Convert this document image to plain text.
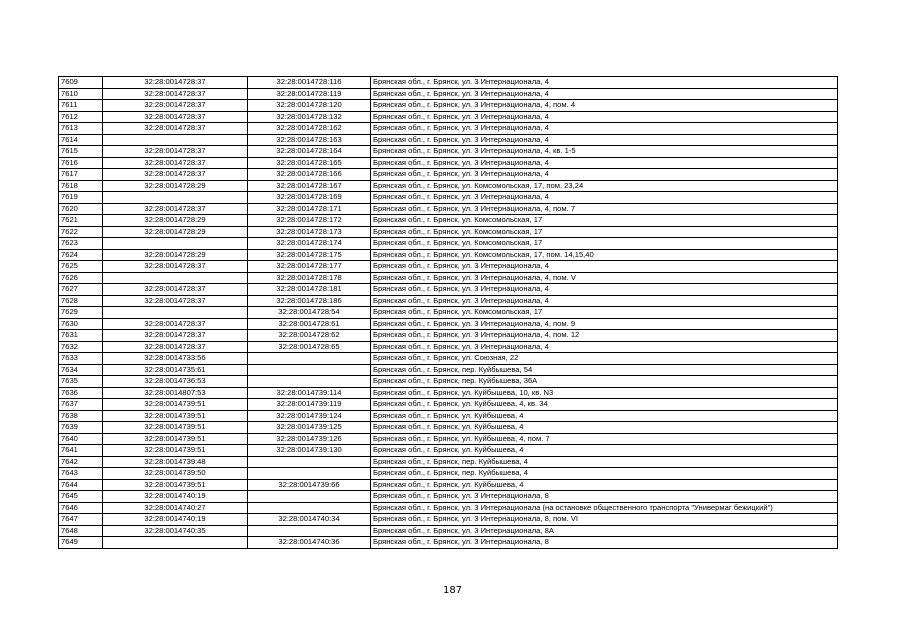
7609	32:28:0014728:37	32:28:0014728:116	Брянская обл., г. Брянск, ул. 3 Интернационала, 4
7610	32:28:0014728:37	32:28:0014728:119	Брянская обл., г. Брянск, ул. 3 Интернационала, 4
7611	32:28:0014728:37	32:28:0014728:120	Брянская обл., г. Брянск, ул. 3 Интернационала, 4, пом. 4
7612	32:28:0014728:37	32:28:0014728:132	Брянская обл., г. Брянск, ул. 3 Интернационала, 4
7613	32:28:0014728:37	32:28:0014728:162	Брянская обл., г. Брянск, ул. 3 Интернационала, 4
7614		32:28:0014728:163	Брянская обл., г. Брянск, ул. 3 Интернационала, 4
7615	32:28:0014728:37	32:28:0014728:164	Брянская обл., г. Брянск, ул. 3 Интернационала, 4, кв. 1-5
7616	32:28:0014728:37	32:28:0014728:165	Брянская обл., г. Брянск, ул. 3 Интернационала, 4
7617	32:28:0014728:37	32:28:0014728:166	Брянская обл., г. Брянск, ул. 3 Интернационала, 4
7618	32:28:0014728:29	32:28:0014728:167	Брянская обл., г. Брянск, ул. Комсомольская, 17, пом. 23,24
7619		32:28:0014728:169	Брянская обл., г. Брянск, ул. 3 Интернационала, 4
7620	32:28:0014728:37	32:28:0014728:171	Брянская обл., г. Брянск, ул. 3 Интернационала, 4, пом. 7
7621	32:28:0014728:29	32:28:0014728:172	Брянская обл., г. Брянск, ул. Комсомольская, 17
7622	32:28:0014728:29	32:28:0014728:173	Брянская обл., г. Брянск, ул. Комсомольская, 17
7623		32:28:0014728:174	Брянская обл., г. Брянск, ул. Комсомольская, 17
7624	32:28:0014728:29	32:28:0014728:175	Брянская обл., г. Брянск, ул. Комсомольская, 17, пом. 14,15,40
7625	32:28:0014728:37	32:28:0014728:177	Брянская обл., г. Брянск, ул. 3 Интернационала, 4
7626		32:28:0014728:178	Брянская обл., г. Брянск, ул. 3 Интернационала, 4, пом. V
7627	32:28:0014728:37	32:28:0014728:181	Брянская обл., г. Брянск, ул. 3 Интернационала, 4
7628	32:28:0014728:37	32:28:0014728:186	Брянская обл., г. Брянск, ул. 3 Интернационала, 4
7629		32:28:0014728:54	Брянская обл., г. Брянск, ул. Комсомольская, 17
7630	32:28:0014728:37	32:28:0014728:61	Брянская обл., г. Брянск, ул. 3 Интернационала, 4, пом. 9
7631	32:28:0014728:37	32:28:0014728:62	Брянская обл., г. Брянск, ул. 3 Интернационала, 4, пом. 12
7632	32:28:0014728:37	32:28:0014728:65	Брянская обл., г. Брянск, ул. 3 Интернационала, 4
7633	32:28:0014733:56		Брянская обл., г. Брянск, ул. Союзная, 22
7634	32:28:0014735:61		Брянская обл., г. Брянск, пер. Куйбышева, 54
7635	32:28:0014736:53		Брянская обл., г. Брянск, пер. Куйбышева, 36А
7636	32:28:0014807:53	32:28:0014739:114	Брянская обл., г. Брянск, ул. Куйбышева, 10, кв. N3
7637	32:28:0014739:51	32:28:0014739:119	Брянская обл., г. Брянск, ул. Куйбышева, 4, кв. 34
7638	32:28:0014739:51	32:28:0014739:124	Брянская обл., г. Брянск, ул. Куйбышева, 4
7639	32:28:0014739:51	32:28:0014739:125	Брянская обл., г. Брянск, ул. Куйбышева, 4
7640	32:28:0014739:51	32:28:0014739:126	Брянская обл., г. Брянск, ул. Куйбышева, 4, пом. 7
7641	32:28:0014739:51	32:28:0014739:130	Брянская обл., г. Брянск, ул. Куйбышева, 4
7642	32:28:0014739:48		Брянская обл., г. Брянск, пер. Куйбышева, 4
7643	32:28:0014739:50		Брянская обл., г. Брянск, пер. Куйбышева, 4
7644	32:28:0014739:51	32:28:0014739:66	Брянская обл., г. Брянск, ул. Куйбышева, 4
7645	32:28:0014740:19		Брянская обл., г. Брянск, ул. 3 Интернационала, 8
7646	32:28:0014740:27		Брянская обл., г. Брянск, ул. 3 Интернационала (на остановке общественного транспорта "Универмаг бежицкий")
7647	32:28:0014740:19	32:28:0014740:34	Брянская обл., г. Брянск, ул. 3 Интернационала, 8, пом. VI
7648	32:28:0014740:35		Брянская обл., г. Брянск, ул. 3 Интернационала, 8А
7649		32:28:0014740:36	Брянская обл., г. Брянск, ул. 3 Интернационала, 8
187
